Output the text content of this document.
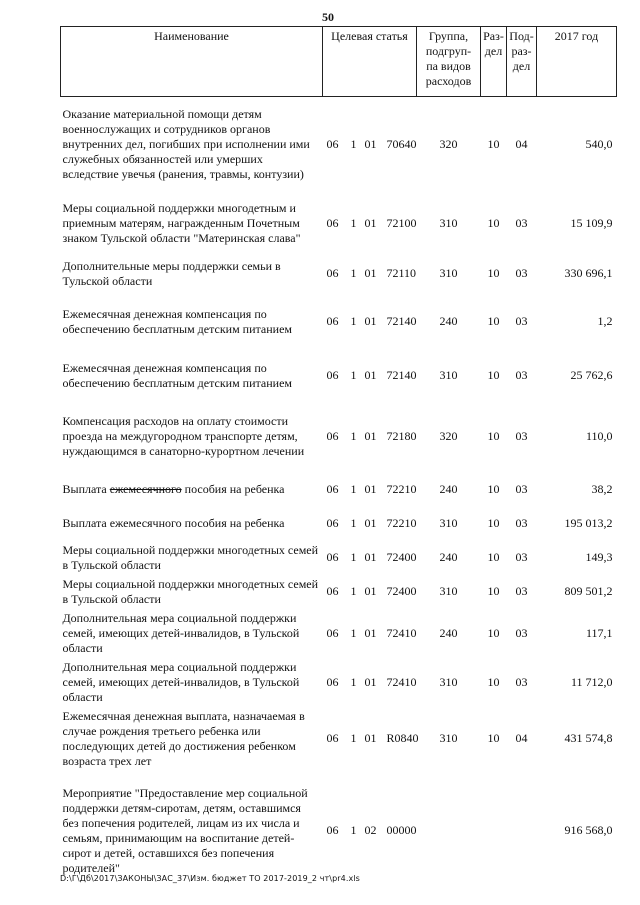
50
Наименование	Целевая статья	Группа, подгруп- па видов расходов	Раз- дел	Под- раз- дел	2017 год
Оказание материальной помощи детям военнослужащих и сотрудников органов внутренних дел, погибших при исполнении ими служебных обязанностей или умерших вследствие увечья (ранения, травмы, контузии)	06 1 01 70640	320	10	04	540,0
Меры социальной поддержки многодетным и приемным матерям, награжденным Почетным знаком Тульской области "Материнская слава"	06 1 01 72100	310	10	03	15 109,9
Дополнительные меры поддержки семьи в Тульской области	06 1 01 72110	310	10	03	330 696,1
Ежемесячная денежная компенсация по обеспечению бесплатным детским питанием	06 1 01 72140	240	10	03	1,2
Ежемесячная денежная компенсация по обеспечению бесплатным детским питанием	06 1 01 72140	310	10	03	25 762,6
Компенсация расходов на оплату стоимости проезда на междугородном транспорте детям, нуждающимся в санаторно-курортном лечении	06 1 01 72180	320	10	03	110,0
Выплата ежемесячного пособия на ребенка	06 1 01 72210	240	10	03	38,2
Выплата ежемесячного пособия на ребенка	06 1 01 72210	310	10	03	195 013,2
Меры социальной поддержки многодетных семей в Тульской области	06 1 01 72400	240	10	03	149,3
Меры социальной поддержки многодетных семей в Тульской области	06 1 01 72400	310	10	03	809 501,2
Дополнительная мера социальной поддержки семей, имеющих детей-инвалидов, в Тульской области	06 1 01 72410	240	10	03	117,1
Дополнительная мера социальной поддержки семей, имеющих детей-инвалидов, в Тульской области	06 1 01 72410	310	10	03	11 712,0
Ежемесячная денежная выплата, назначаемая в случае рождения третьего ребенка или последующих детей до достижения ребенком возраста трех лет	06 1 01 R0840	310	10	04	431 574,8
Мероприятие "Предоставление мер социальной поддержки детям-сиротам, детям, оставшимся без попечения родителей, лицам из их числа и семьям, принимающим на воспитание детей-сирот и детей, оставшихся без попечения родителей"	06 1 02 00000				916 568,0
D:\Г\Дб\2017\ЗАКОНЫ\ЗАС_37\Изм. бюджет ТО 2017-2019_2 чт\pr4.xls
